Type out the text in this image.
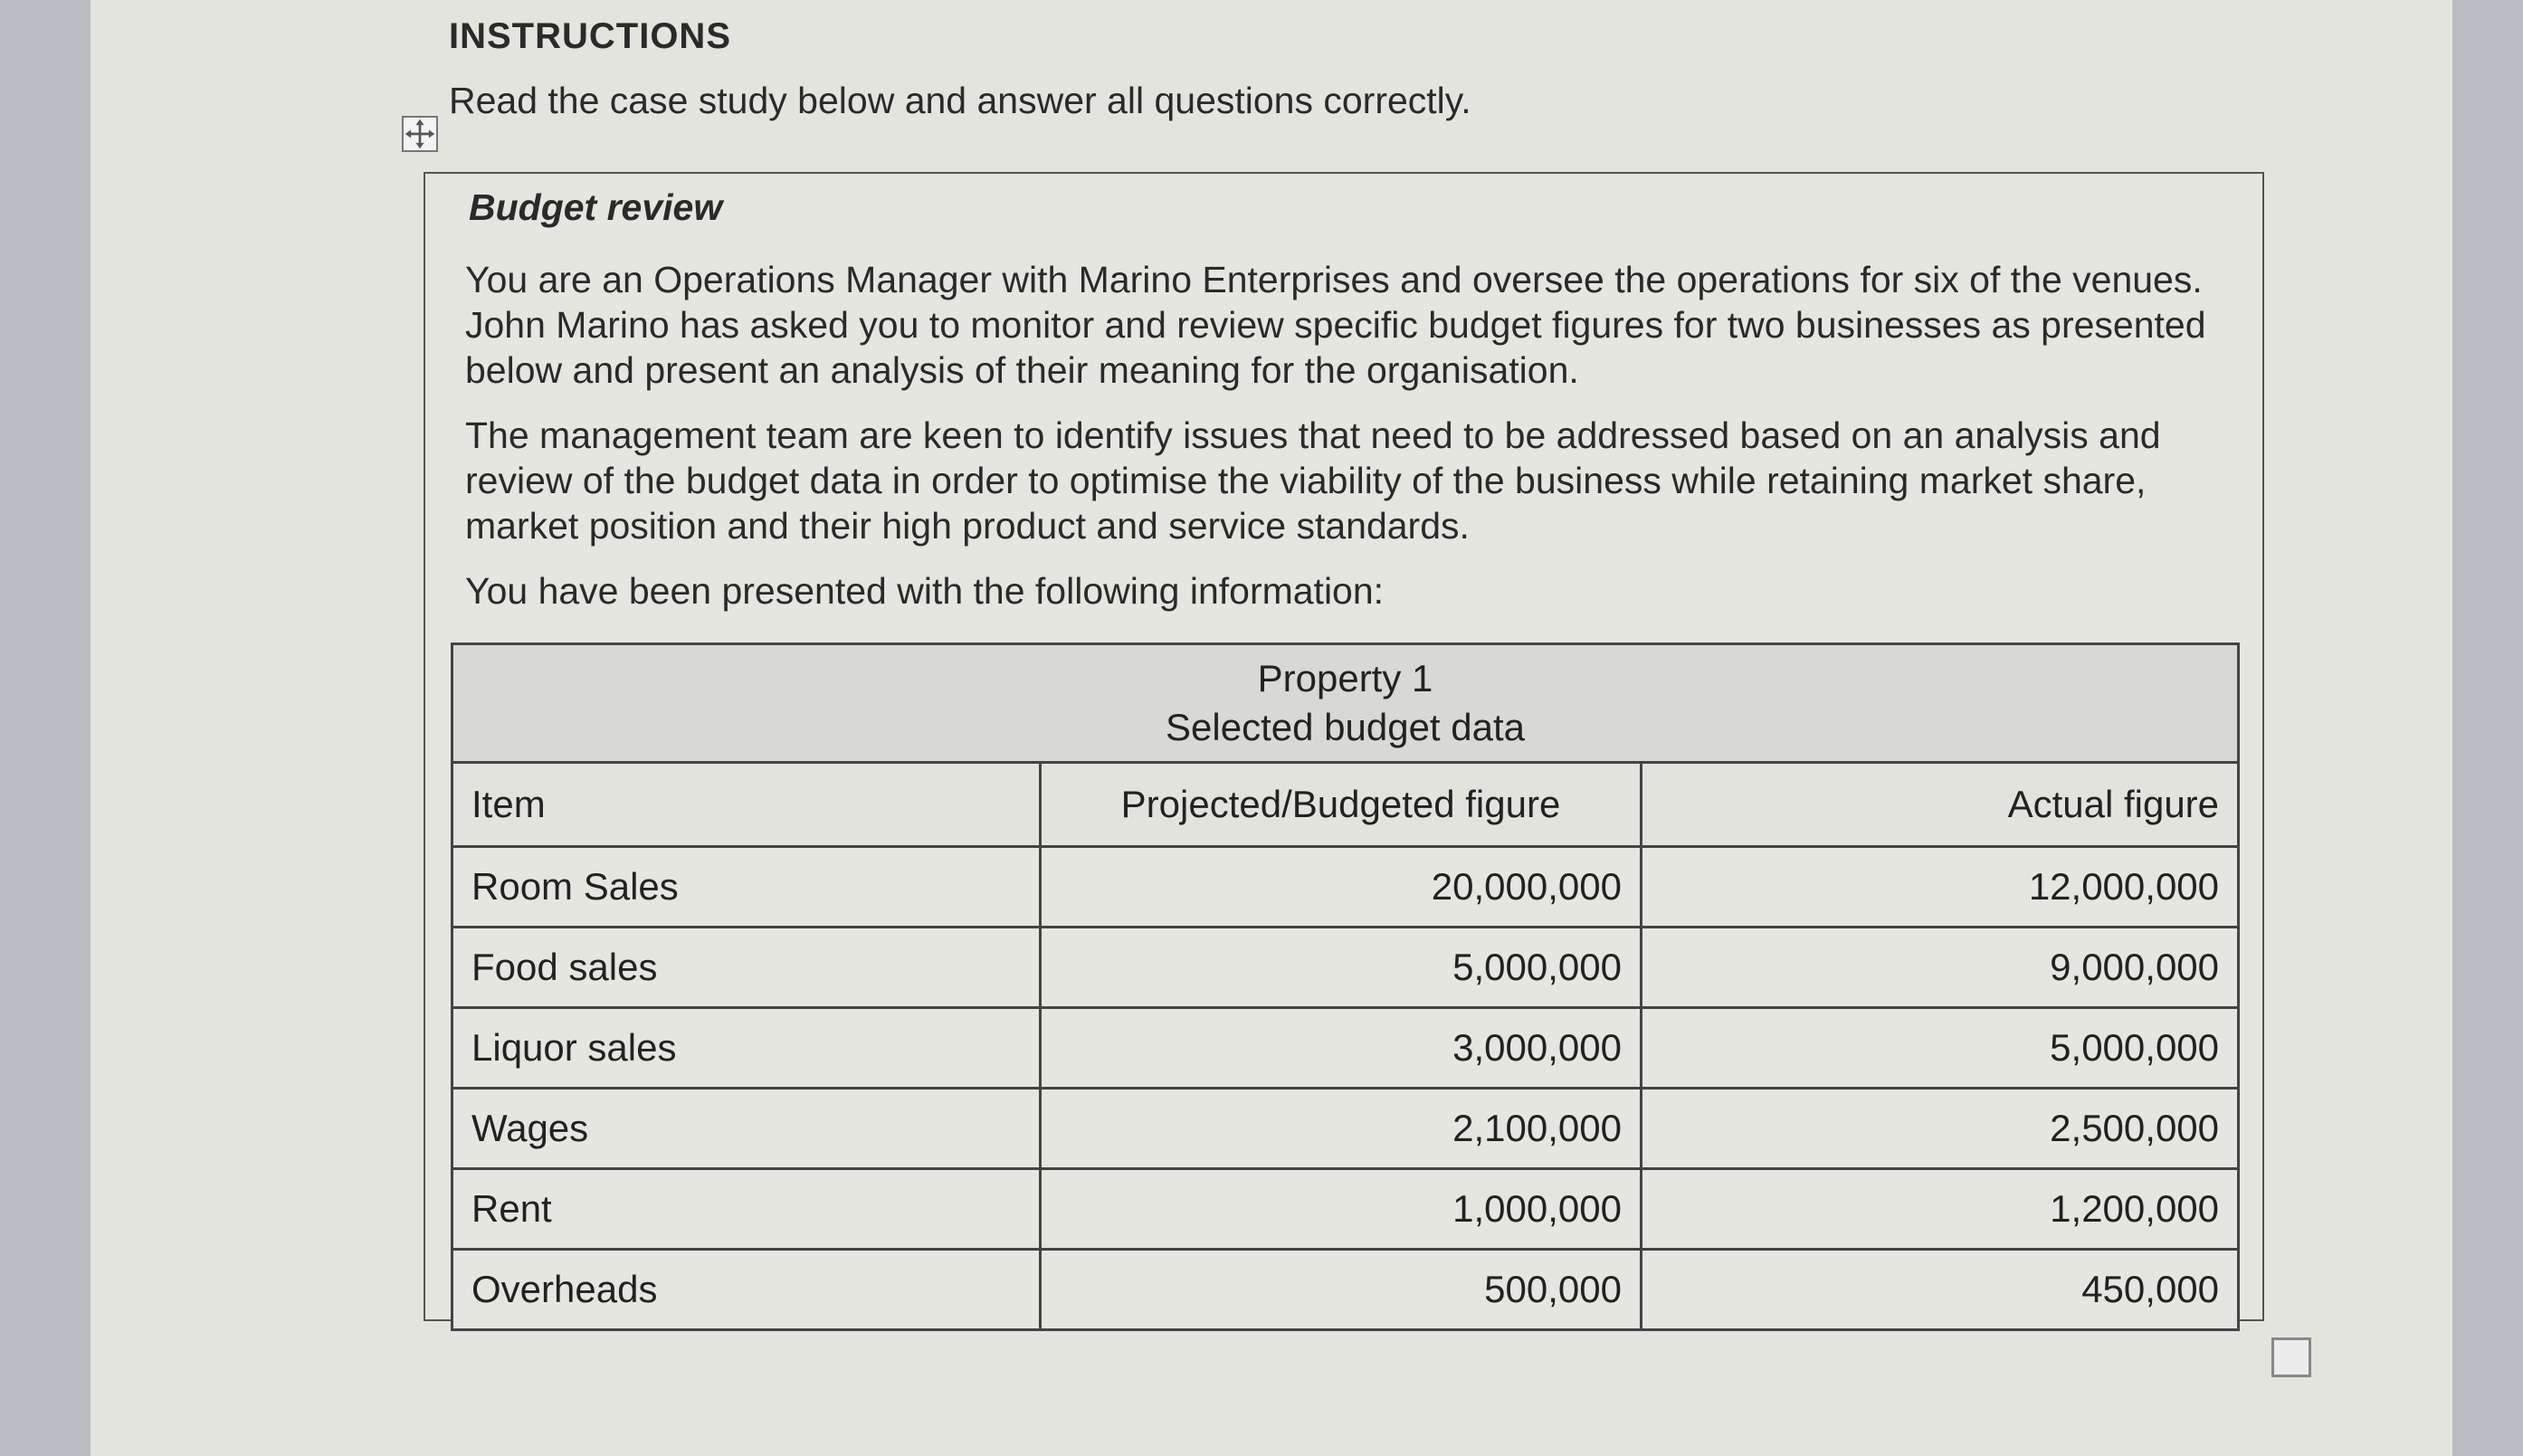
INSTRUCTIONS
Read the case study below and answer all questions correctly.
Budget review
You are an Operations Manager with Marino Enterprises and oversee the operations for six of the venues. John Marino has asked you to monitor and review specific budget figures for two businesses as presented below and present an analysis of their meaning for the organisation.
The management team are keen to identify issues that need to be addressed based on an analysis and review of the budget data in order to optimise the viability of the business while retaining market share, market position and their high product and service standards.
You have been presented with the following information:
Property 1
Selected budget data		

Item	Projected/Budgeted figure	Actual figure
Room Sales	20,000,000	12,000,000
Food sales	5,000,000	9,000,000
Liquor sales	3,000,000	5,000,000
Wages	2,100,000	2,500,000
Rent	1,000,000	1,200,000
Overheads	500,000	450,000
